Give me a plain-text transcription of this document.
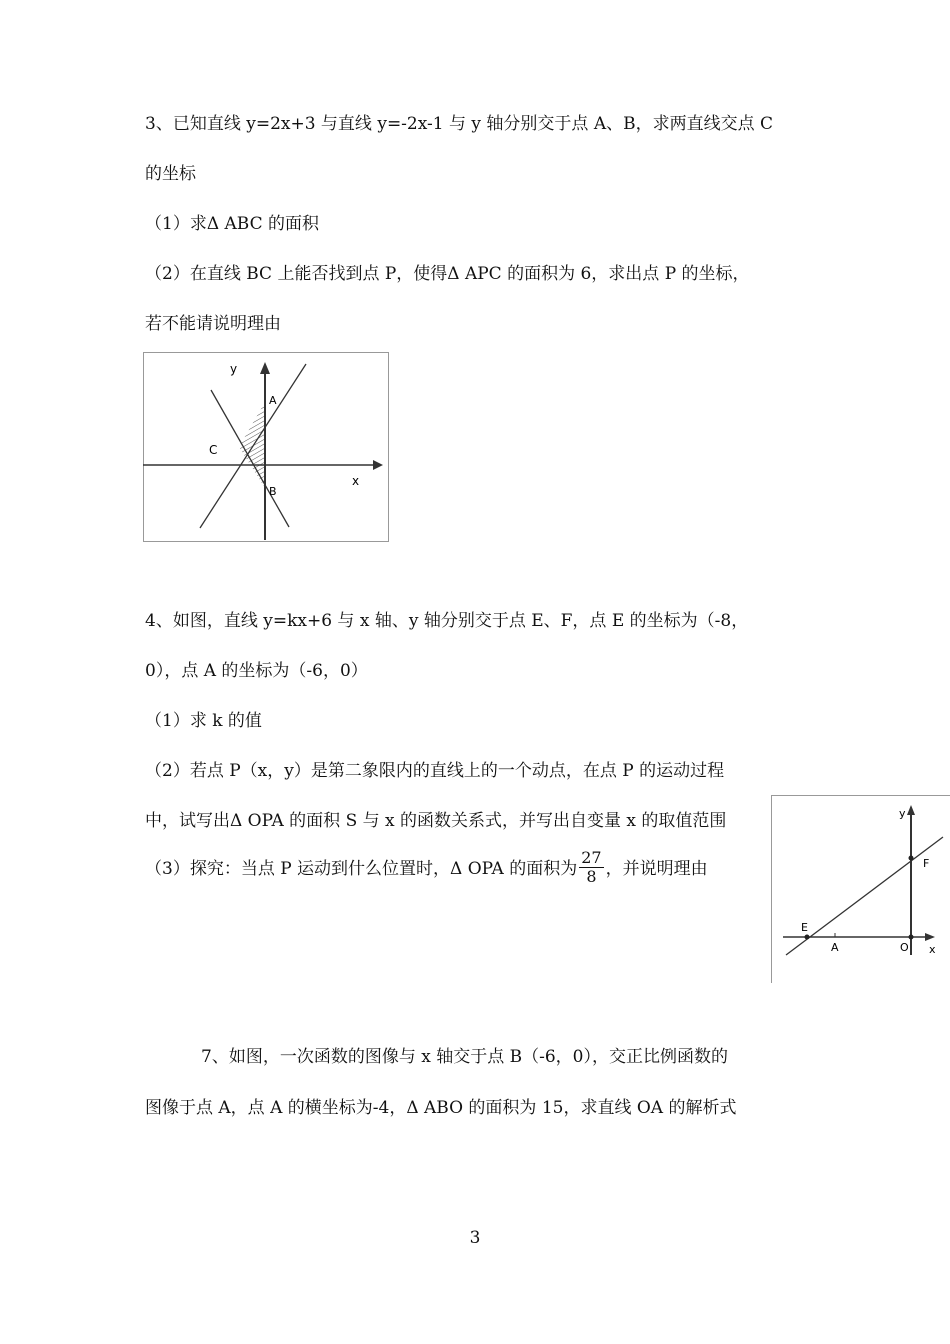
3、已知直线 y=2x+3 与直线 y=-2x-1 与 y 轴分别交于点 A、B，求两直线交点 C
的坐标
（1）求Δ ABC 的面积
（2）在直线 BC 上能否找到点 P，使得Δ APC 的面积为 6，求出点 P 的坐标，
若不能请说明理由
y
x
A
B
C
4、如图，直线 y=kx+6 与 x 轴、y 轴分别交于点 E、F，点 E 的坐标为（-8，
0），点 A 的坐标为（-6，0）
（1）求 k 的值
（2）若点 P（x，y）是第二象限内的直线上的一个动点，在点 P 的运动过程
中，试写出Δ OPA 的面积 S 与 x 的函数关系式，并写出自变量 x 的取值范围
（3）探究：当点 P 运动到什么位置时，Δ OPA 的面积为 $\frac{27}{8}$ ，并说明理由
y
x
E
A	O
F
7、如图，一次函数的图像与 x 轴交于点 B（-6，0），交正比例函数的
图像于点 A，点 A 的横坐标为-4，Δ ABO 的面积为 15，求直线 OA 的解析式
3
